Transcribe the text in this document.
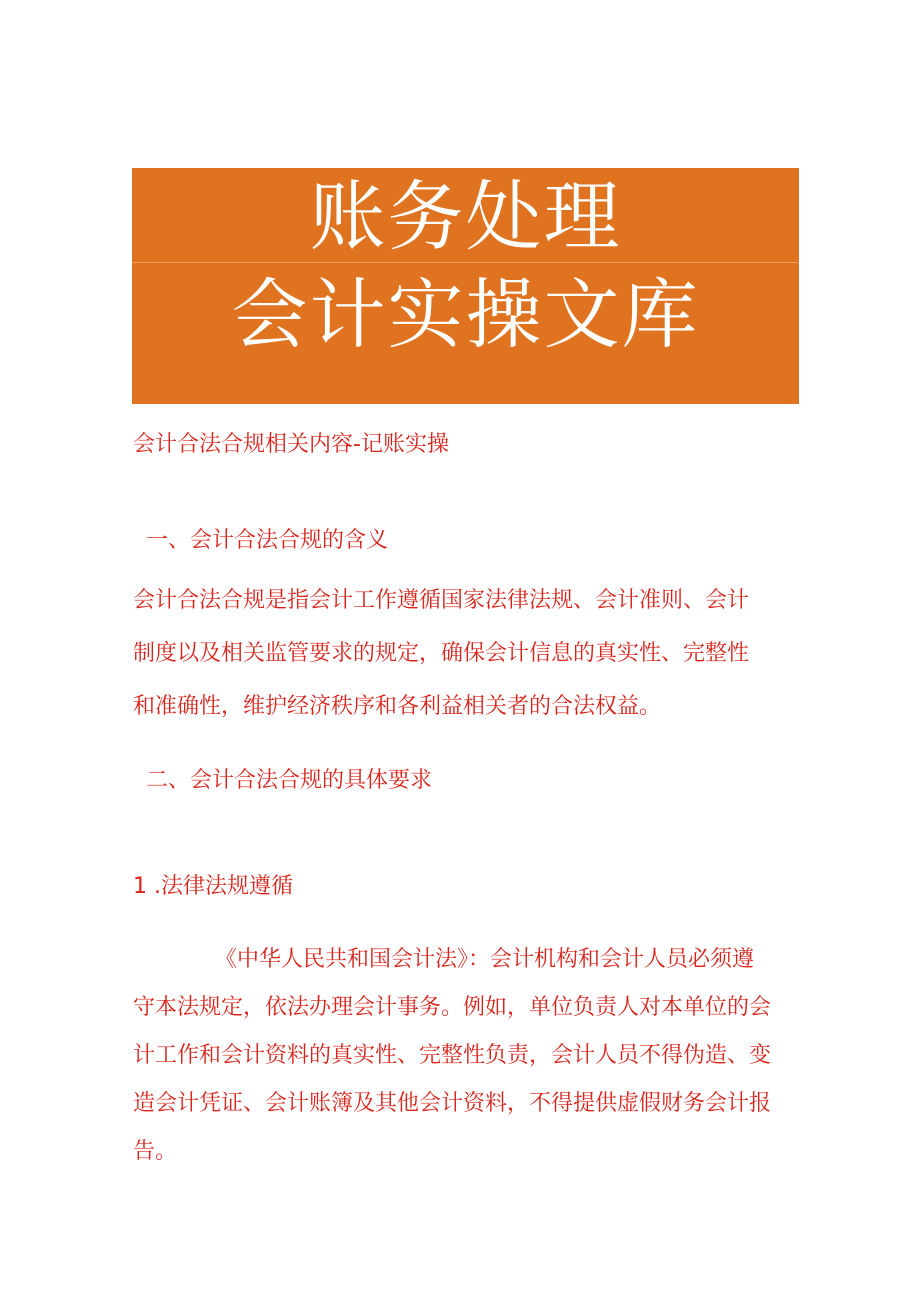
账务处理
会计实操文库
会计合法合规相关内容-记账实操
一、会计合法合规的含义
会计合法合规是指会计工作遵循国家法律法规、会计准则、会计
制度以及相关监管要求的规定，确保会计信息的真实性、完整性
和准确性，维护经济秩序和各利益相关者的合法权益。
二、会计合法合规的具体要求
1 .法律法规遵循
《中华人民共和国会计法》：会计机构和会计人员必须遵
守本法规定，依法办理会计事务。例如，单位负责人对本单位的会
计工作和会计资料的真实性、完整性负责，会计人员不得伪造、变
造会计凭证、会计账簿及其他会计资料，不得提供虚假财务会计报
告。
